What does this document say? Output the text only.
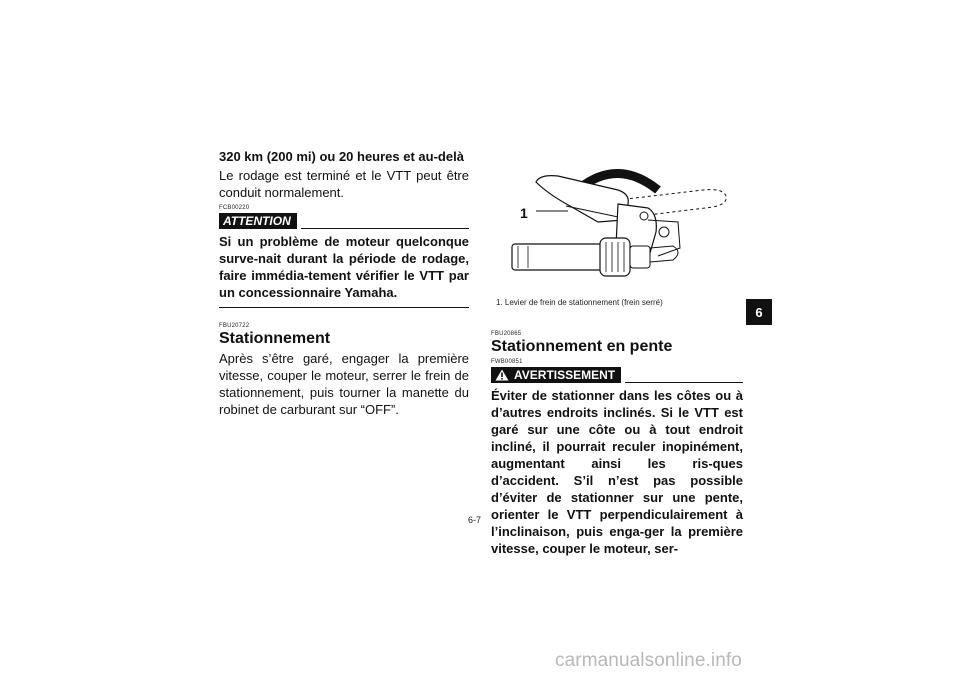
320 km (200 mi) ou 20 heures et au-delà
Le rodage est terminé et le VTT peut être conduit normalement.
FCB00220
ATTENTION
Si un problème de moteur quelconque surve-nait durant la période de rodage, faire immédia-tement vérifier le VTT par un concessionnaire Yamaha.
FBU20722
Stationnement
Après s’être garé, engager la première vitesse, couper le moteur, serrer le frein de stationnement, puis tourner la manette du robinet de carburant sur “OFF”.
1
1. Levier de frein de stationnement (frein serré)
FBU20865
Stationnement en pente
FWB00851
AVERTISSEMENT
Éviter de stationner dans les côtes ou à d’autres endroits inclinés. Si le VTT est garé sur une côte ou à tout endroit incliné, il pourrait reculer inopinément, augmentant ainsi les ris-ques d’accident. S’il n’est pas possible d’éviter de stationner sur une pente, orienter le VTT perpendiculairement à l’inclinaison, puis enga-ger la première vitesse, couper le moteur, ser-
6
6-7
carmanualsonline.info
